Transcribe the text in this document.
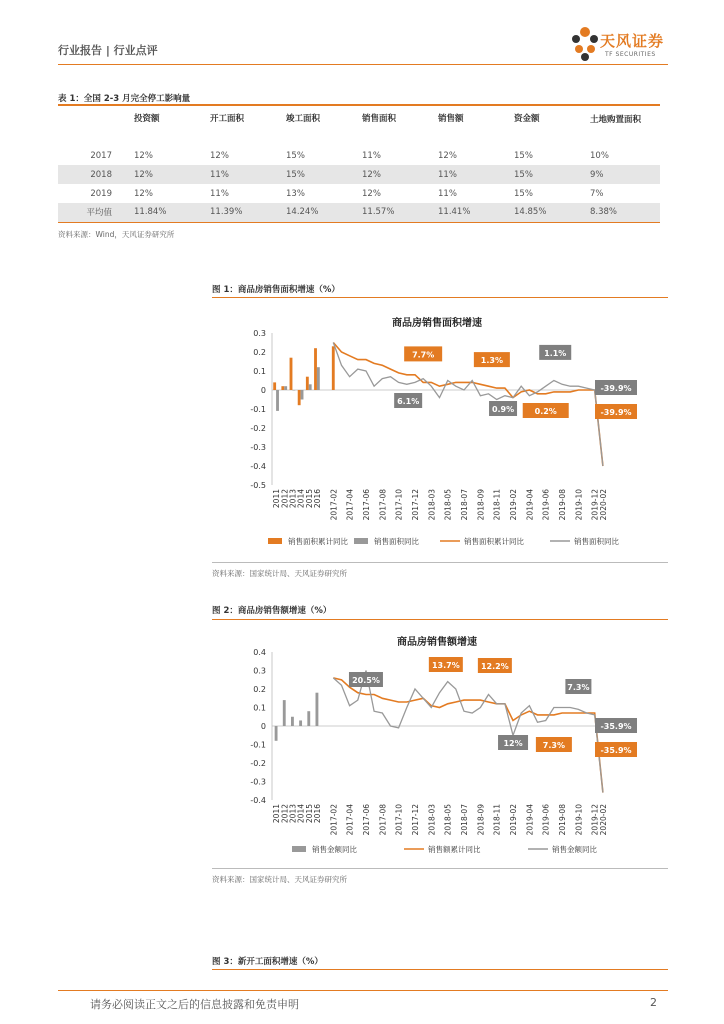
行业报告 | 行业点评
天风证券
TF SECURITIES
表 1：全国 2-3 月完全停工影响量
	投资额	开工面积	竣工面积	销售面积	销售额	资金额	土地购置面积
2017	12%	12%	15%	11%	12%	15%	10%
2018	12%	11%	15%	12%	11%	15%	9%
2019	12%	11%	13%	12%	11%	15%	7%
平均值	11.84%	11.39%	14.24%	11.57%	11.41%	14.85%	8.38%
资料来源：Wind，天风证券研究所
图 1：商品房销售面积增速（%）
商品房销售面积增速
-0.5
-0.4
-0.3
-0.2
-0.1
0
0.1
0.2
0.3
2011 2012 2013 2014 2015 2016 2017-02 2017-04 2017-06 2017-08 2017-10 2017-12 2018-03 2018-05 2018-07 2018-09 2018-11 2019-02 2019-04 2019-06 2019-08 2019-10 2019-12 2020-02
7.7%
1.3%
1.1%
-39.9%
6.1%
0.9%	0.2%	-39.9%
销售面积累计同比	销售面积同比	销售面积累计同比	销售面积同比
资料来源：国家统计局、天风证券研究所
图 2：商品房销售额增速（%）
商品房销售额增速
-0.4
-0.3
-0.2
-0.1
0
0.1
0.2
0.3
0.4
2011 2012 2013 2014 2015 2016 2017-02 2017-04 2017-06 2017-08 2017-10 2017-12 2018-03 2018-05 2018-07 2018-09 2018-11 2019-02 2019-04 2019-06 2019-08 2019-10 2019-12 2020-02
20.5%
13.7%	12.2%
7.3%
-35.9%
12%	7.3%
-35.9%
销售金额同比	销售额累计同比	销售金额同比
资料来源：国家统计局、天风证券研究所
图 3：新开工面积增速（%）
请务必阅读正文之后的信息披露和免责申明	2
